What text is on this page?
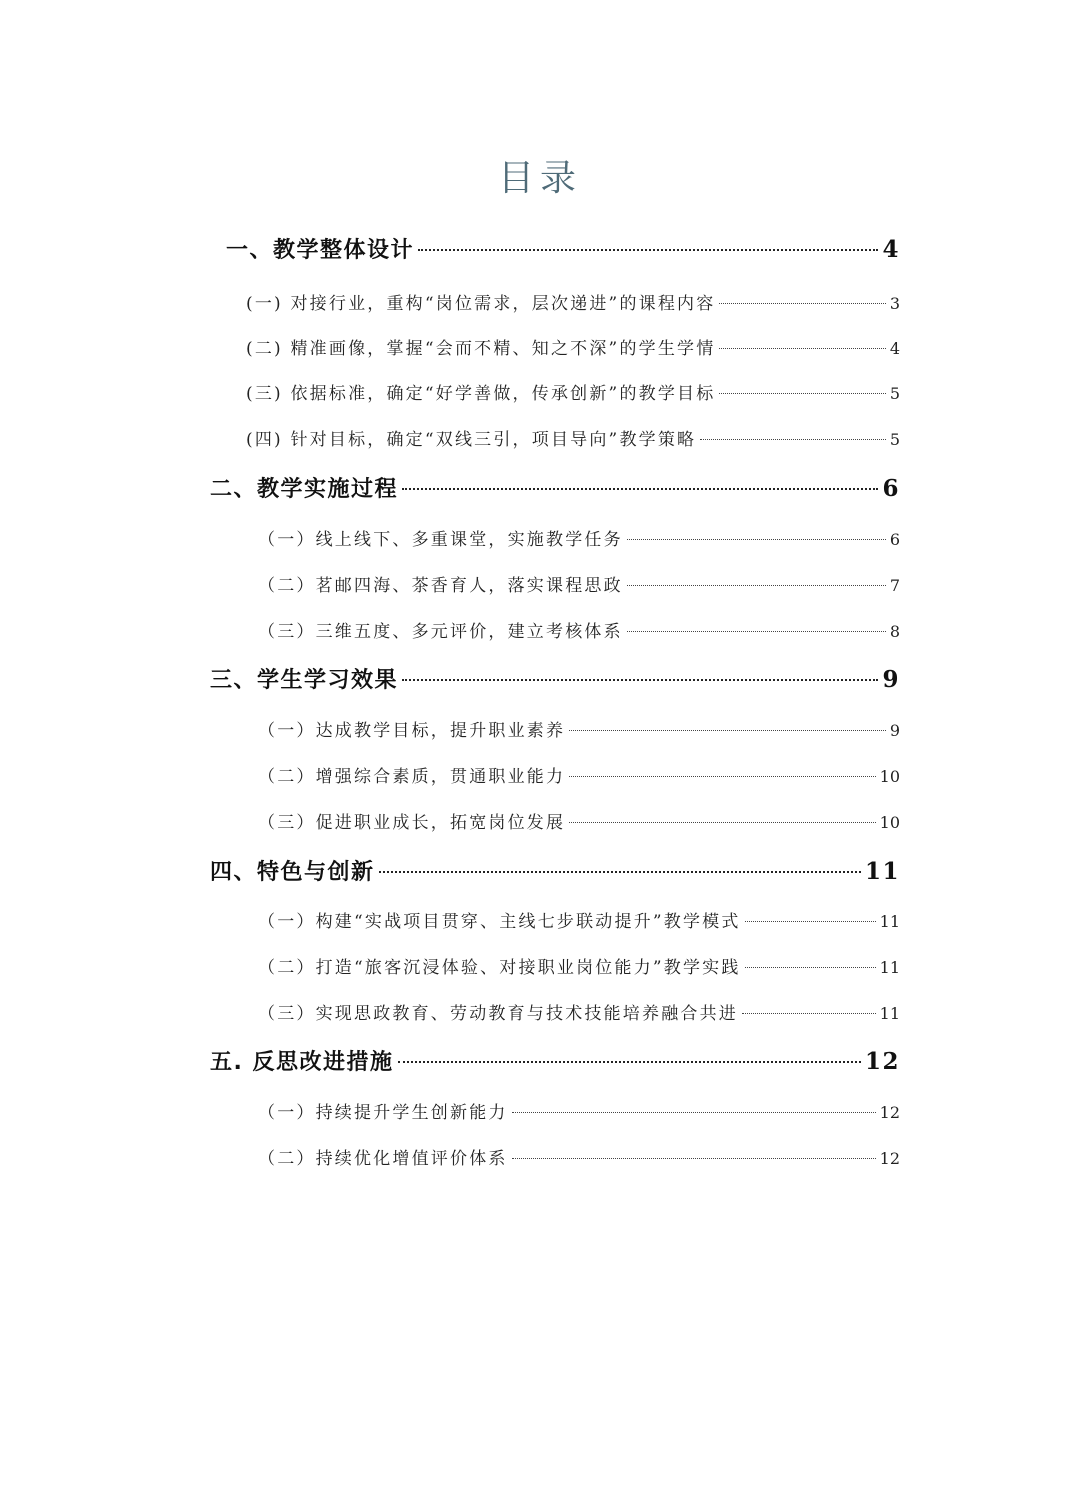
目录
一、教学整体设计	4
(一) 对接行业，重构“岗位需求，层次递进”的课程内容	3
(二) 精准画像，掌握“会而不精、知之不深”的学生学情	4
(三) 依据标准，确定“好学善做，传承创新”的教学目标	5
(四) 针对目标，确定“双线三引，项目导向”教学策略	5
二、教学实施过程	6
（一）线上线下、多重课堂，实施教学任务	6
（二）茗邮四海、茶香育人，落实课程思政	7
（三）三维五度、多元评价，建立考核体系	8
三、学生学习效果	9
（一）达成教学目标，提升职业素养	9
（二）增强综合素质，贯通职业能力	10
（三）促进职业成长，拓宽岗位发展	10
四、特色与创新	11
（一）构建“实战项目贯穿、主线七步联动提升”教学模式	11
（二）打造“旅客沉浸体验、对接职业岗位能力”教学实践	11
（三）实现思政教育、劳动教育与技术技能培养融合共进	11
五. 反思改进措施	12
（一）持续提升学生创新能力	12
（二）持续优化增值评价体系	12
